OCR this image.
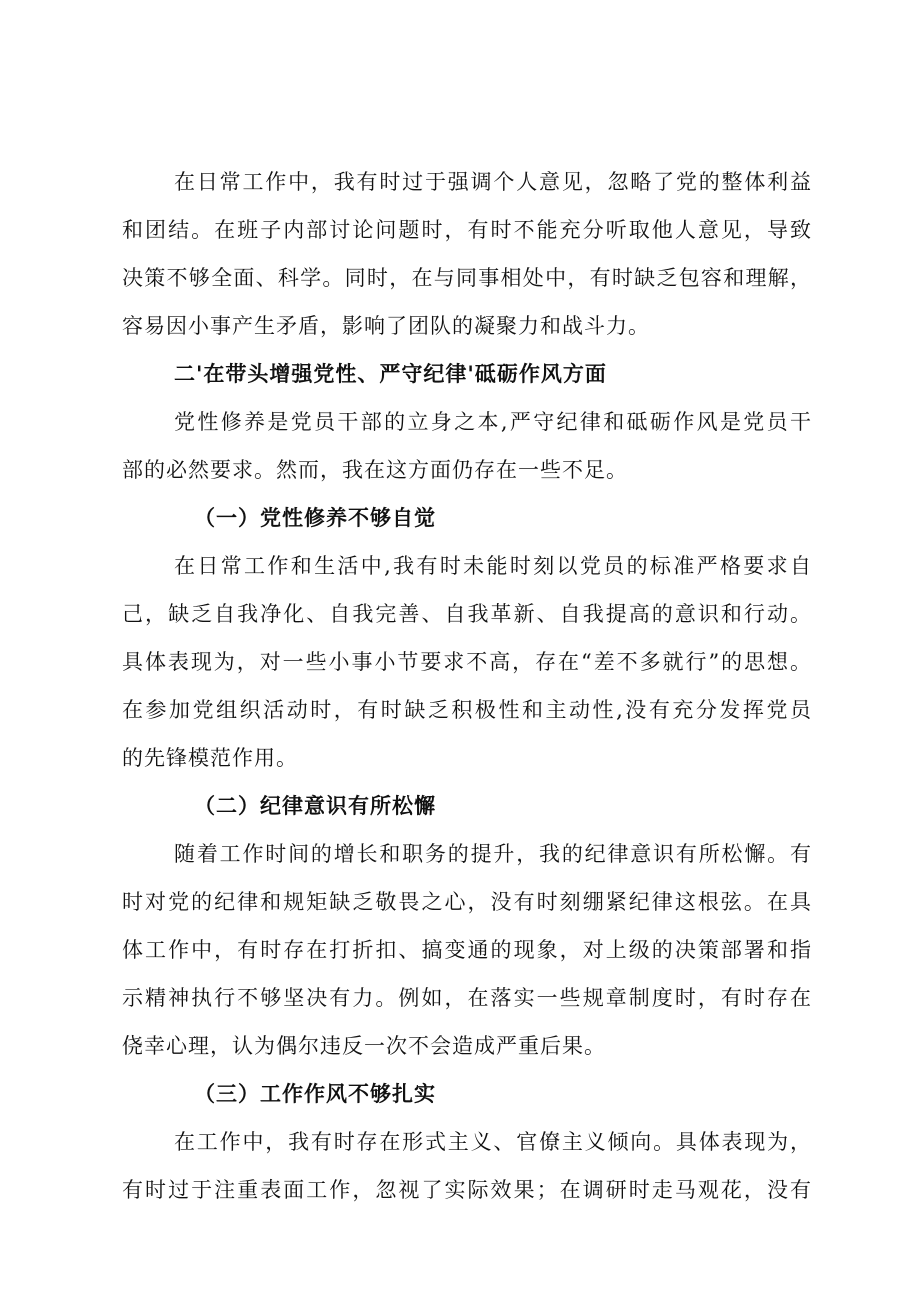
在日常工作中，我有时过于强调个人意见，忽略了党的整体利益
和团结。在班子内部讨论问题时，有时不能充分听取他人意见，导致
决策不够全面、科学。同时，在与同事相处中，有时缺乏包容和理解，
容易因小事产生矛盾，影响了团队的凝聚力和战斗力。
二'在带头增强党性、严守纪律'砥砺作风方面
党性修养是党员干部的立身之本,严守纪律和砥砺作风是党员干
部的必然要求。然而，我在这方面仍存在一些不足。
（一）党性修养不够自觉
在日常工作和生活中,我有时未能时刻以党员的标准严格要求自
己，缺乏自我净化、自我完善、自我革新、自我提高的意识和行动。
具体表现为，对一些小事小节要求不高，存在“差不多就行”的思想。
在参加党组织活动时，有时缺乏积极性和主动性,没有充分发挥党员
的先锋模范作用。
（二）纪律意识有所松懈
随着工作时间的增长和职务的提升，我的纪律意识有所松懈。有
时对党的纪律和规矩缺乏敬畏之心，没有时刻绷紧纪律这根弦。在具
体工作中，有时存在打折扣、搞变通的现象，对上级的决策部署和指
示精神执行不够坚决有力。例如，在落实一些规章制度时，有时存在
侥幸心理，认为偶尔违反一次不会造成严重后果。
（三）工作作风不够扎实
在工作中，我有时存在形式主义、官僚主义倾向。具体表现为，
有时过于注重表面工作，忽视了实际效果；在调研时走马观花，没有
